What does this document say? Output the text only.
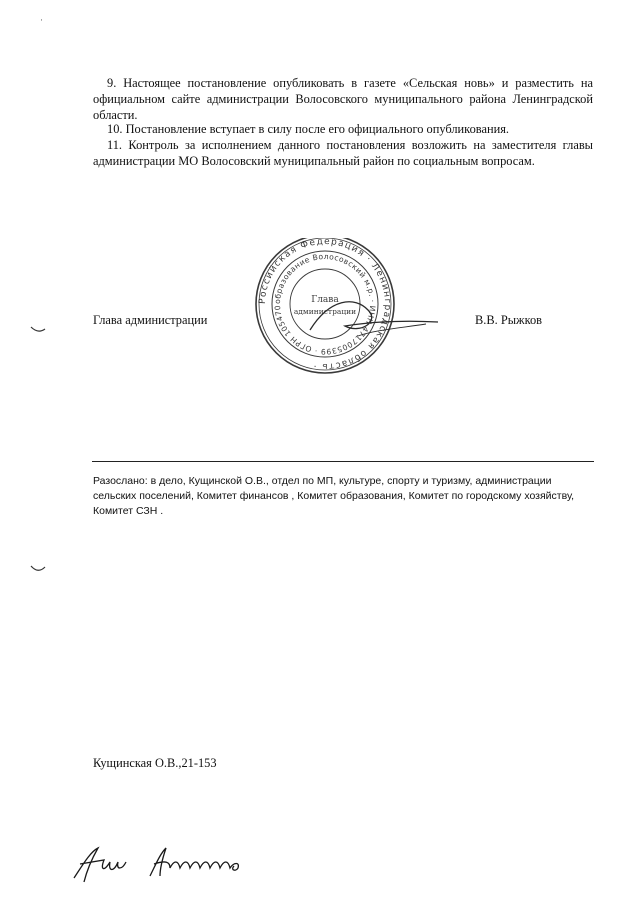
·

9. Настоящее постановление опубликовать в газете «Сельская новь» и разместить на официальном сайте администрации Волосовского муниципального района Ленинградской области.

10. Постановление вступает в силу после его официального опубликования.

11. Контроль за исполнением данного постановления возложить на заместителя главы администрации МО Волосовский муниципальный район по социальным вопросам.

Глава администрации
Российская Федерация · Ленинградская область ·
образование Волосовский м.р. · ИНН 4717005399 · ОГРН 105470
Глава
администрации
В.В. Рыжков

Разослано: в дело, Кущинской О.В., отдел по МП, культуре, спорту и туризму, администрации сельских поселений, Комитет финансов , Комитет образования, Комитет по городскому хозяйству, Комитет СЗН .

Кущинская О.В.,21-153
